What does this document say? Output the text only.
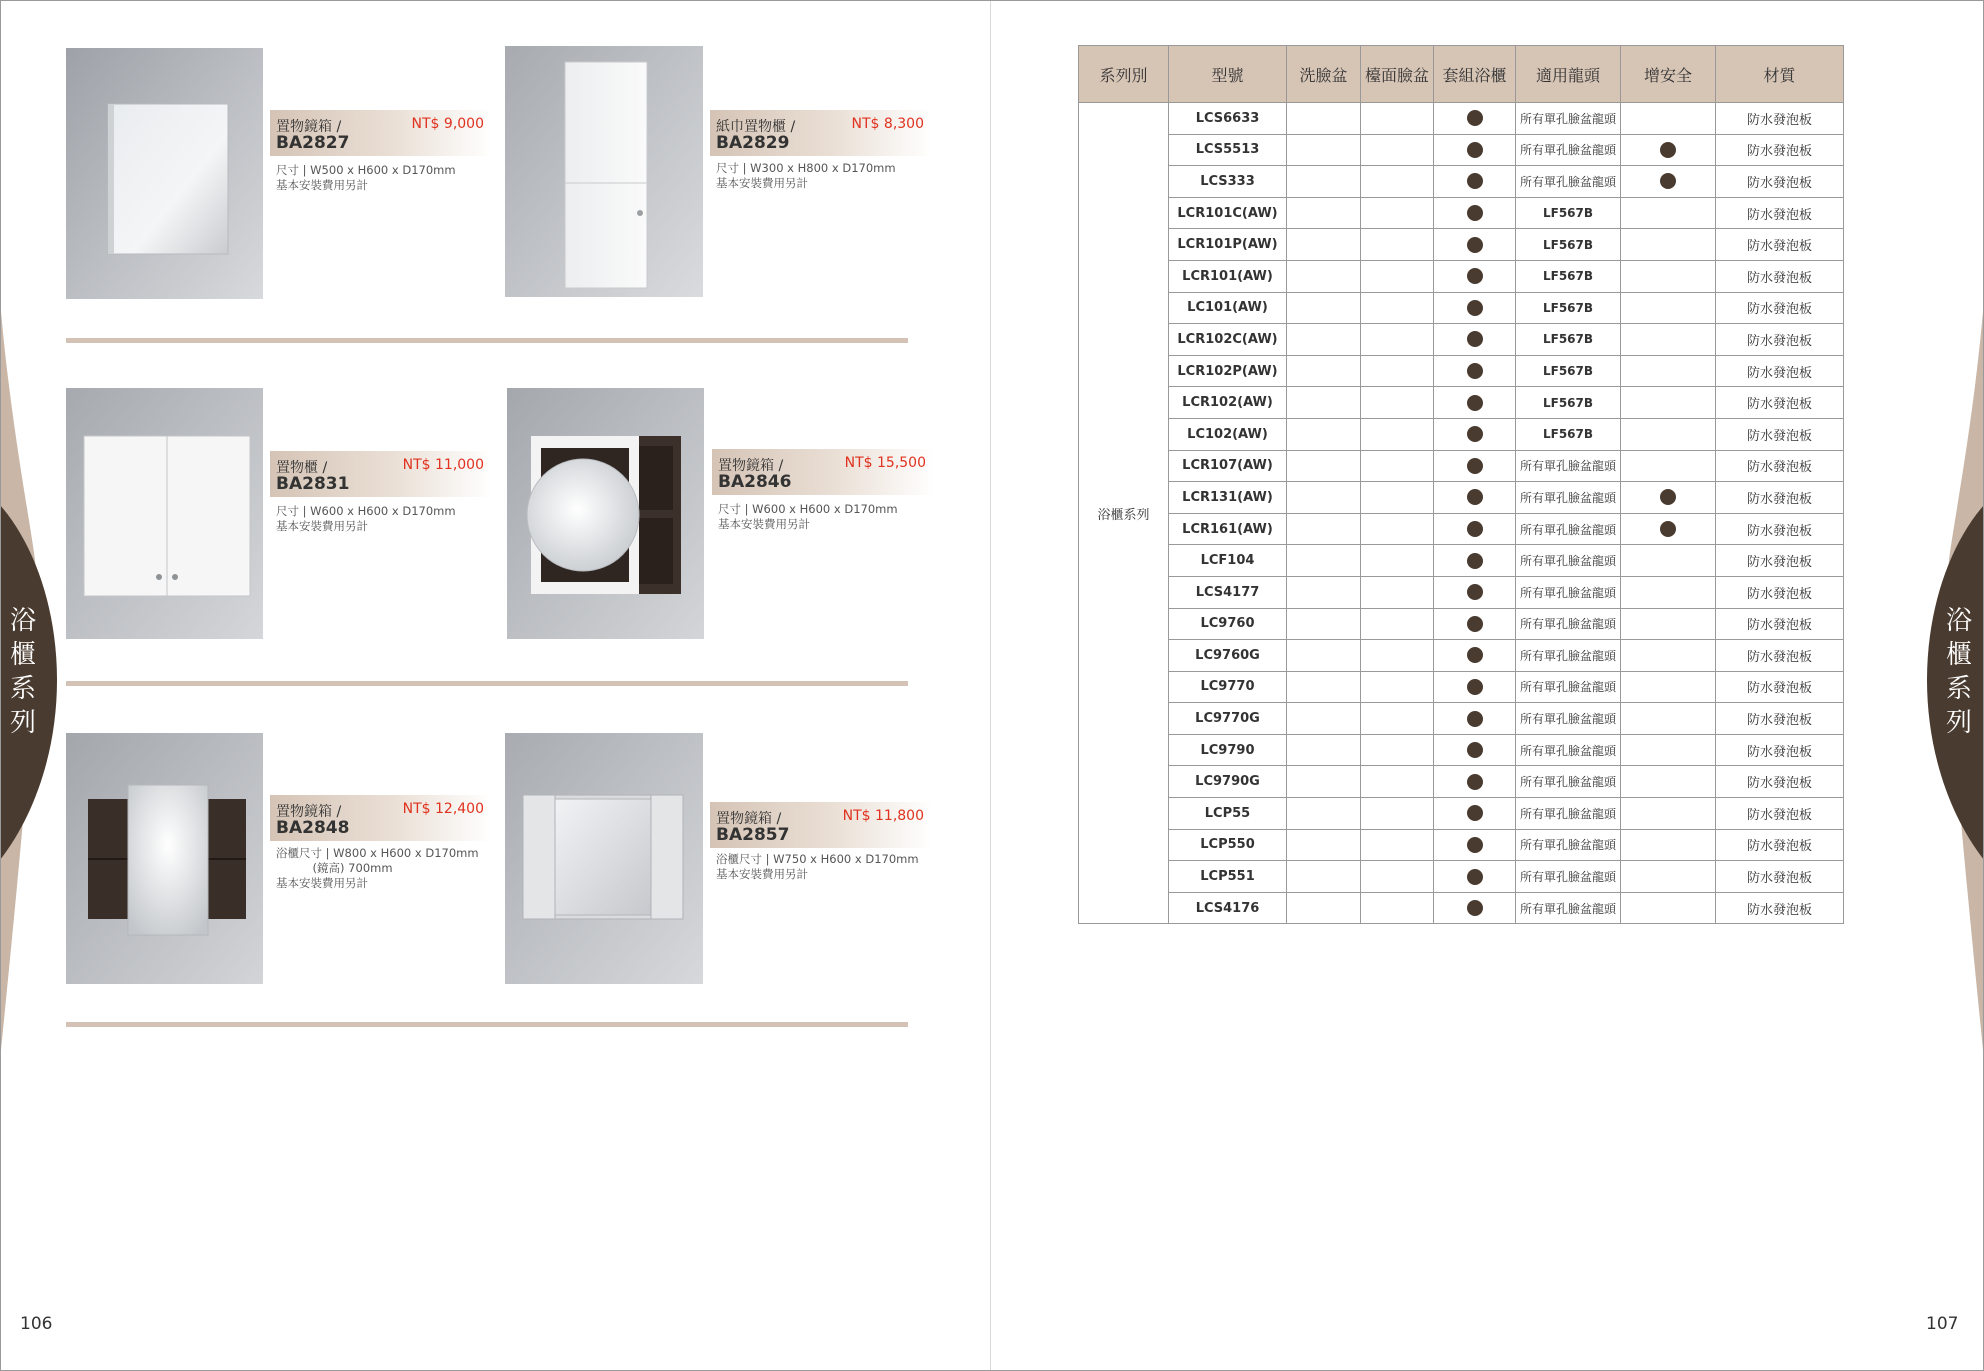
浴
櫃
系
列
置物鏡箱 /
BA2827
NT$ 9,000
尺寸 | W500 x H600 x D170mm
基本安裝費用另計
紙巾置物櫃 /
BA2829
NT$ 8,300
尺寸 | W300 x H800 x D170mm
基本安裝費用另計
置物櫃 /
BA2831
NT$ 11,000
尺寸 | W600 x H600 x D170mm
基本安裝費用另計
置物鏡箱 /
BA2846
NT$ 15,500
尺寸 | W600 x H600 x D170mm
基本安裝費用另計
置物鏡箱 /
BA2848
NT$ 12,400
浴櫃尺寸 | W800 x H600 x D170mm
(鏡高) 700mm
基本安裝費用另計
置物鏡箱 /
BA2857
NT$ 11,800
浴櫃尺寸 | W750 x H600 x D170mm
基本安裝費用另計
106
浴
櫃
系
列
107
系列別	型號	洗臉盆	檯面臉盆	套組浴櫃	適用龍頭	增安全	材質
浴櫃系列	LCS6633				所有單孔臉盆龍頭		防水發泡板
	LCS5513				所有單孔臉盆龍頭		防水發泡板
	LCS333				所有單孔臉盆龍頭		防水發泡板
	LCR101C(AW)				LF567B		防水發泡板
	LCR101P(AW)				LF567B		防水發泡板
	LCR101(AW)				LF567B		防水發泡板
	LC101(AW)				LF567B		防水發泡板
	LCR102C(AW)				LF567B		防水發泡板
	LCR102P(AW)				LF567B		防水發泡板
	LCR102(AW)				LF567B		防水發泡板
	LC102(AW)				LF567B		防水發泡板
	LCR107(AW)				所有單孔臉盆龍頭		防水發泡板
	LCR131(AW)				所有單孔臉盆龍頭		防水發泡板
	LCR161(AW)				所有單孔臉盆龍頭		防水發泡板
	LCF104				所有單孔臉盆龍頭		防水發泡板
	LCS4177				所有單孔臉盆龍頭		防水發泡板
	LC9760				所有單孔臉盆龍頭		防水發泡板
	LC9760G				所有單孔臉盆龍頭		防水發泡板
	LC9770				所有單孔臉盆龍頭		防水發泡板
	LC9770G				所有單孔臉盆龍頭		防水發泡板
	LC9790				所有單孔臉盆龍頭		防水發泡板
	LC9790G				所有單孔臉盆龍頭		防水發泡板
	LCP55				所有單孔臉盆龍頭		防水發泡板
	LCP550				所有單孔臉盆龍頭		防水發泡板
	LCP551				所有單孔臉盆龍頭		防水發泡板
	LCS4176				所有單孔臉盆龍頭		防水發泡板
